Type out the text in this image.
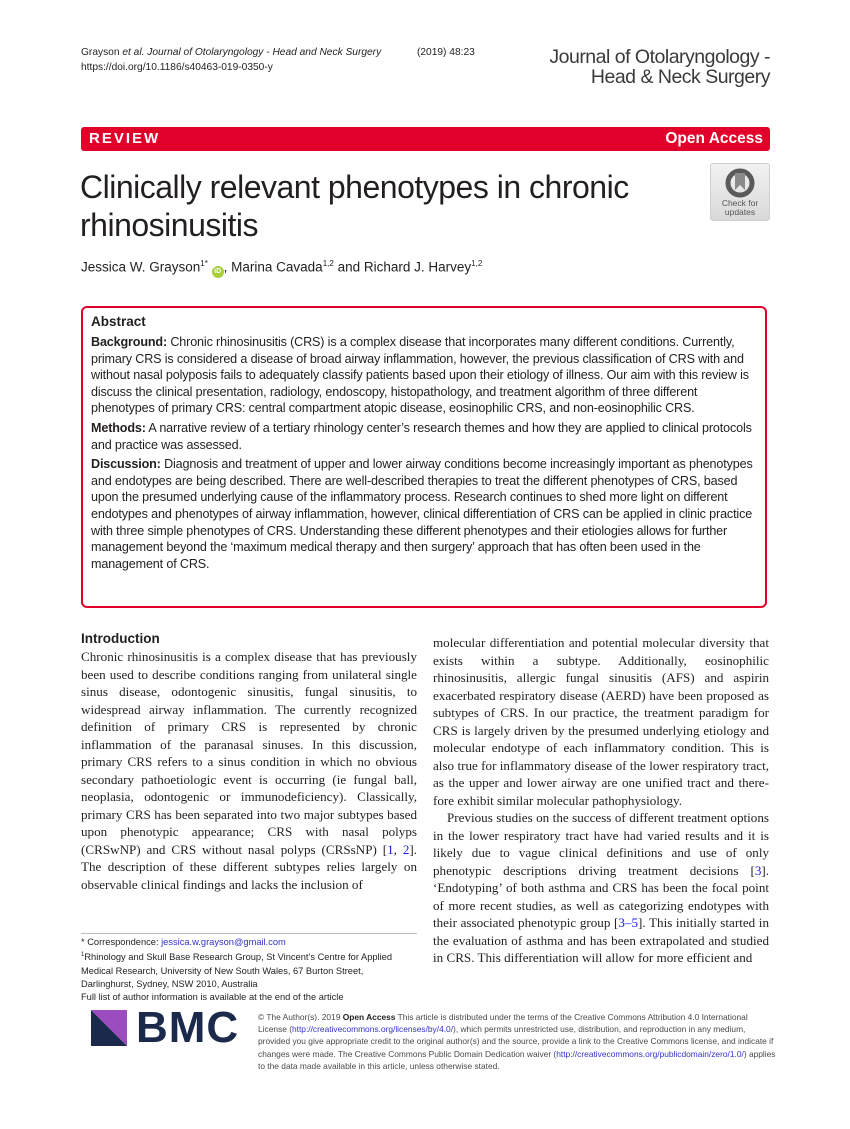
Grayson et al. Journal of Otolaryngology - Head and Neck Surgery	(2019) 48:23
https://doi.org/10.1186/s40463-019-0350-y	Journal of Otolaryngology -
Head & Neck Surgery
REVIEW	Open Access
Clinically relevant phenotypes in chronic
rhinosinusitis
Check for
updates
Jessica W. Grayson$^{1*}$ iD , Marina Cavada$^{1,2}$ and Richard J. Harvey$^{1,2}$
Abstract

Background: Chronic rhinosinusitis (CRS) is a complex disease that incorporates many different conditions. Currently, primary CRS is considered a disease of broad airway inflammation, however, the previous classification of CRS with and without nasal polyposis fails to adequately classify patients based upon their etiology of illness. Our aim with this review is discuss the clinical presentation, radiology, endoscopy, histopathology, and treatment algorithm of three different phenotypes of primary CRS: central compartment atopic disease, eosinophilic CRS, and non-eosinophilic CRS.

Methods: A narrative review of a tertiary rhinology center’s research themes and how they are applied to clinical protocols and practice was assessed.

Discussion: Diagnosis and treatment of upper and lower airway conditions become increasingly important as phenotypes and endotypes are being described. There are well-described therapies to treat the different phenotypes of CRS, based upon the presumed underlying cause of the inflammatory process. Research continues to shed more light on different endotypes and phenotypes of airway inflammation, however, clinical differentiation of CRS can be applied in clinic practice with three simple phenotypes of CRS. Understanding these different phenotypes and their etiologies allows for further management beyond the ‘maximum medical therapy and then surgery’ approach that has often been used in the management of CRS.

Introduction

Chronic rhinosinusitis is a complex disease that has previously been used to describe conditions ranging from unilateral single sinus disease, odontogenic sinusitis, fungal sinusitis, to widespread airway inflammation. The currently recognized definition of primary CRS is represented by chronic inflammation of the paranasal sinuses. In this discussion, primary CRS refers to a sinus condition in which no obvious secondary pathoetiologic event is occurring (ie fungal ball, neoplasia, odontogenic or immunodeficiency). Classically, primary CRS has been separated into two major subtypes based upon phenotypic appearance; CRS with nasal polyps (CRSwNP) and CRS without nasal polyps (CRSsNP) [1, 2]. The description of these different subtypes relies largely on observable clinical findings and lacks the inclusion of

molecular differentiation and potential molecular diversity that exists within a subtype. Additionally, eosinophilic rhinosinusitis, allergic fungal sinusitis (AFS) and aspirin exacerbated respiratory disease (AERD) have been proposed as subtypes of CRS. In our practice, the treatment paradigm for CRS is largely driven by the presumed underlying etiology and molecular endotype of each inflammatory condition. This is also true for inflammatory disease of the lower respiratory tract, as the upper and lower airway are one unified tract and therefore exhibit similar molecular pathophysiology.

Previous studies on the success of different treatment options in the lower respiratory tract have had varied results and it is likely due to vague clinical definitions and use of only phenotypic descriptions driving treatment decisions [3]. ‘Endotyping’ of both asthma and CRS has been the focal point of more recent studies, as well as categorizing endotypes with their associated phenotypic group [3–5]. This initially started in the evaluation of asthma and has been extrapolated and studied in CRS. This differentiation will allow for more efficient and

* Correspondence: jessica.w.grayson@gmail.com
$^1$Rhinology and Skull Base Research Group, St Vincent’s Centre for Applied Medical Research, University of New South Wales, 67 Burton Street, Darlinghurst, Sydney, NSW 2010, Australia
Full list of author information is available at the end of the article
BMC © The Author(s). 2019 Open Access This article is distributed under the terms of the Creative Commons Attribution 4.0 International License (http://creativecommons.org/licenses/by/4.0/), which permits unrestricted use, distribution, and reproduction in any medium, provided you give appropriate credit to the original author(s) and the source, provide a link to the Creative Commons license, and indicate if changes were made. The Creative Commons Public Domain Dedication waiver (http://creativecommons.org/publicdomain/zero/1.0/) applies to the data made available in this article, unless otherwise stated.
